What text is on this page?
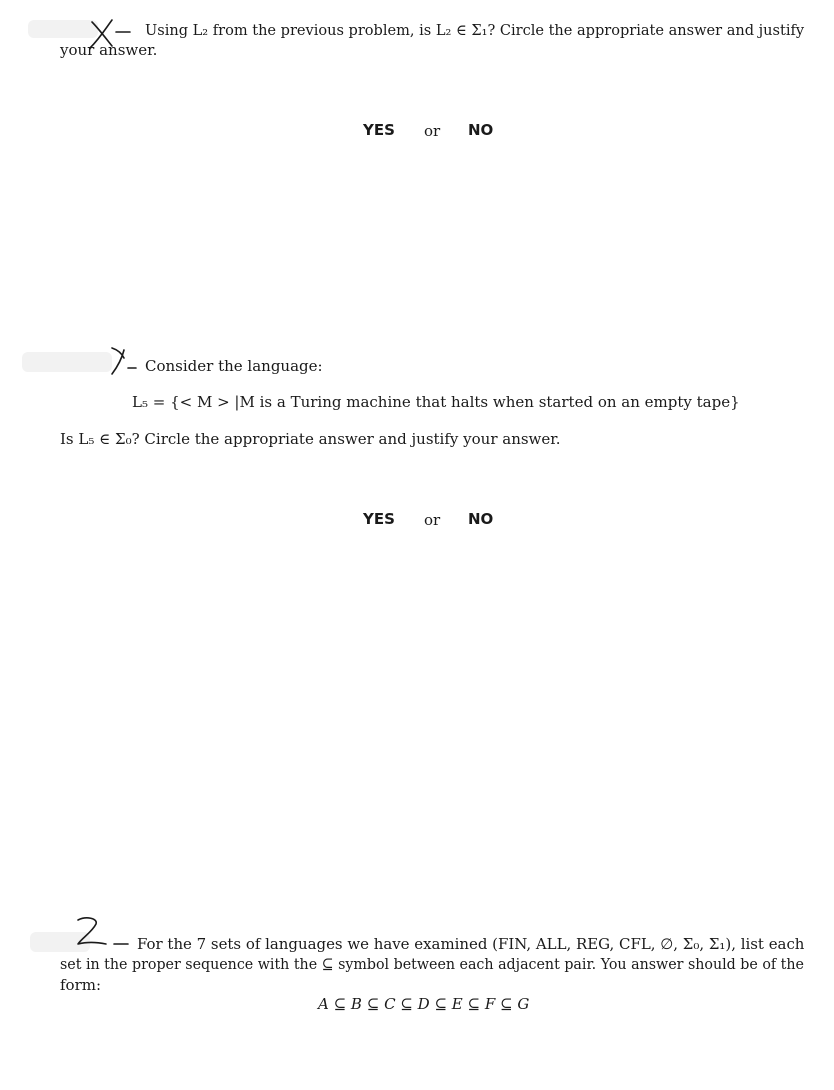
Using L₂ from the previous problem, is L₂ ∈ Σ₁? Circle the appropriate answer and justify
your answer.
YES or NO
Consider the language:
L₅ = {< M > |M is a Turing machine that halts when started on an empty tape}
Is L₅ ∈ Σ₀? Circle the appropriate answer and justify your answer.
YES or NO
For the 7 sets of languages we have examined (FIN, ALL, REG, CFL, ∅, Σ₀, Σ₁), list each
set in the proper sequence with the ⊆ symbol between each adjacent pair. You answer should be of the
form:
A ⊆ B ⊆ C ⊆ D ⊆ E ⊆ F ⊆ G
